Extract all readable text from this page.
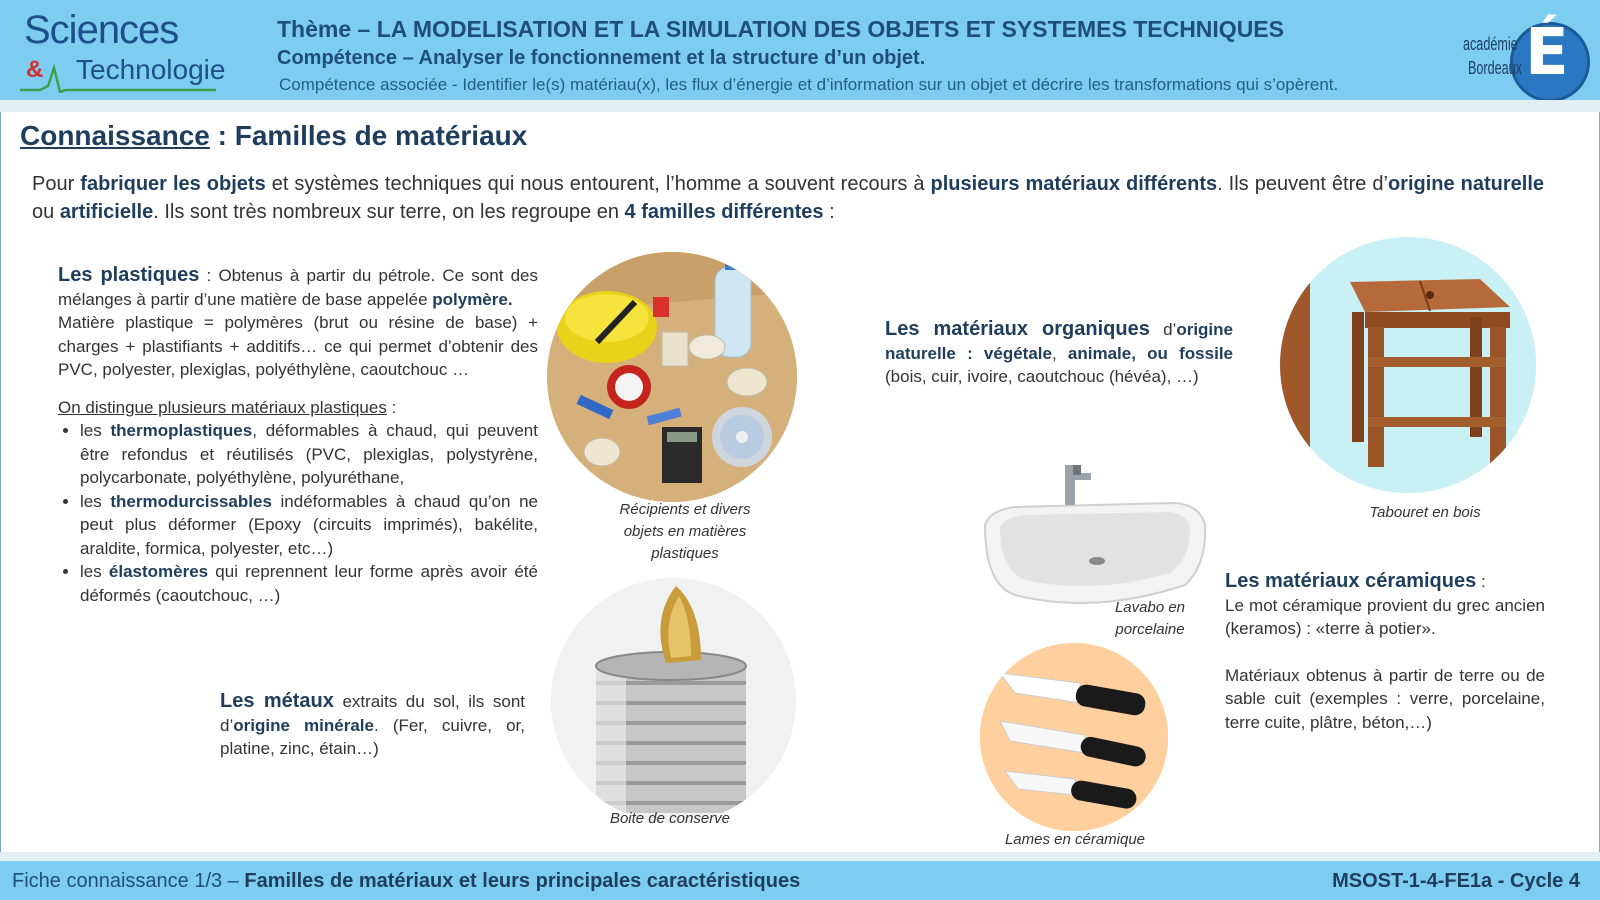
Sciences
& Technologie
Thème – LA MODELISATION ET LA SIMULATION DES OBJETS ET SYSTEMES TECHNIQUES
Compétence – Analyser le fonctionnement et la structure d’un objet.
Compétence associée - Identifier le(s) matériau(x), les flux d’énergie et d’information sur un objet et décrire les transformations qui s’opèrent.	É
académie
Bordeaux
Connaissance : Familles de matériaux
Pour fabriquer les objets et systèmes techniques qui nous entourent, l’homme a souvent recours à plusieurs matériaux différents. Ils peuvent être d’origine naturelle ou artificielle. Ils sont très nombreux sur terre, on les regroupe en 4 familles différentes :
Les plastiques : Obtenus à partir du pétrole. Ce sont des mélanges à partir d’une matière de base appelée polymère.
Matière plastique = polymères (brut ou résine de base) + charges + plastifiants + additifs… ce qui permet d’obtenir des PVC, polyester, plexiglas, polyéthylène, caoutchouc …
On distingue plusieurs matériaux plastiques :
• les thermoplastiques, déformables à chaud, qui peuvent être refondus et réutilisés (PVC, plexiglas, polystyrène, polycarbonate, polyéthylène, polyuréthane,
• les thermodurcissables indéformables à chaud qu’on ne peut plus déformer (Epoxy (circuits imprimés), bakélite, araldite, formica, polyester, etc…)
• les élastomères qui reprennent leur forme après avoir été déformés (caoutchouc, …)
Récipients et divers objets en matières plastiques
Boite de conserve
Les métaux extraits du sol, ils sont d’origine minérale. (Fer, cuivre, or, platine, zinc, étain…)
Les matériaux organiques d’origine naturelle : végétale, animale, ou fossile (bois, cuir, ivoire, caoutchouc (hévéa), …)
Tabouret en bois
Lavabo en porcelaine
Lames en céramique
Les matériaux céramiques :
Le mot céramique provient du grec ancien (keramos) : «terre à potier».
Matériaux obtenus à partir de terre ou de sable cuit (exemples : verre, porcelaine, terre cuite, plâtre, béton,…)
Fiche connaissance 1/3 – Familles de matériaux et leurs principales caractéristiques	MSOST-1-4-FE1a - Cycle 4
